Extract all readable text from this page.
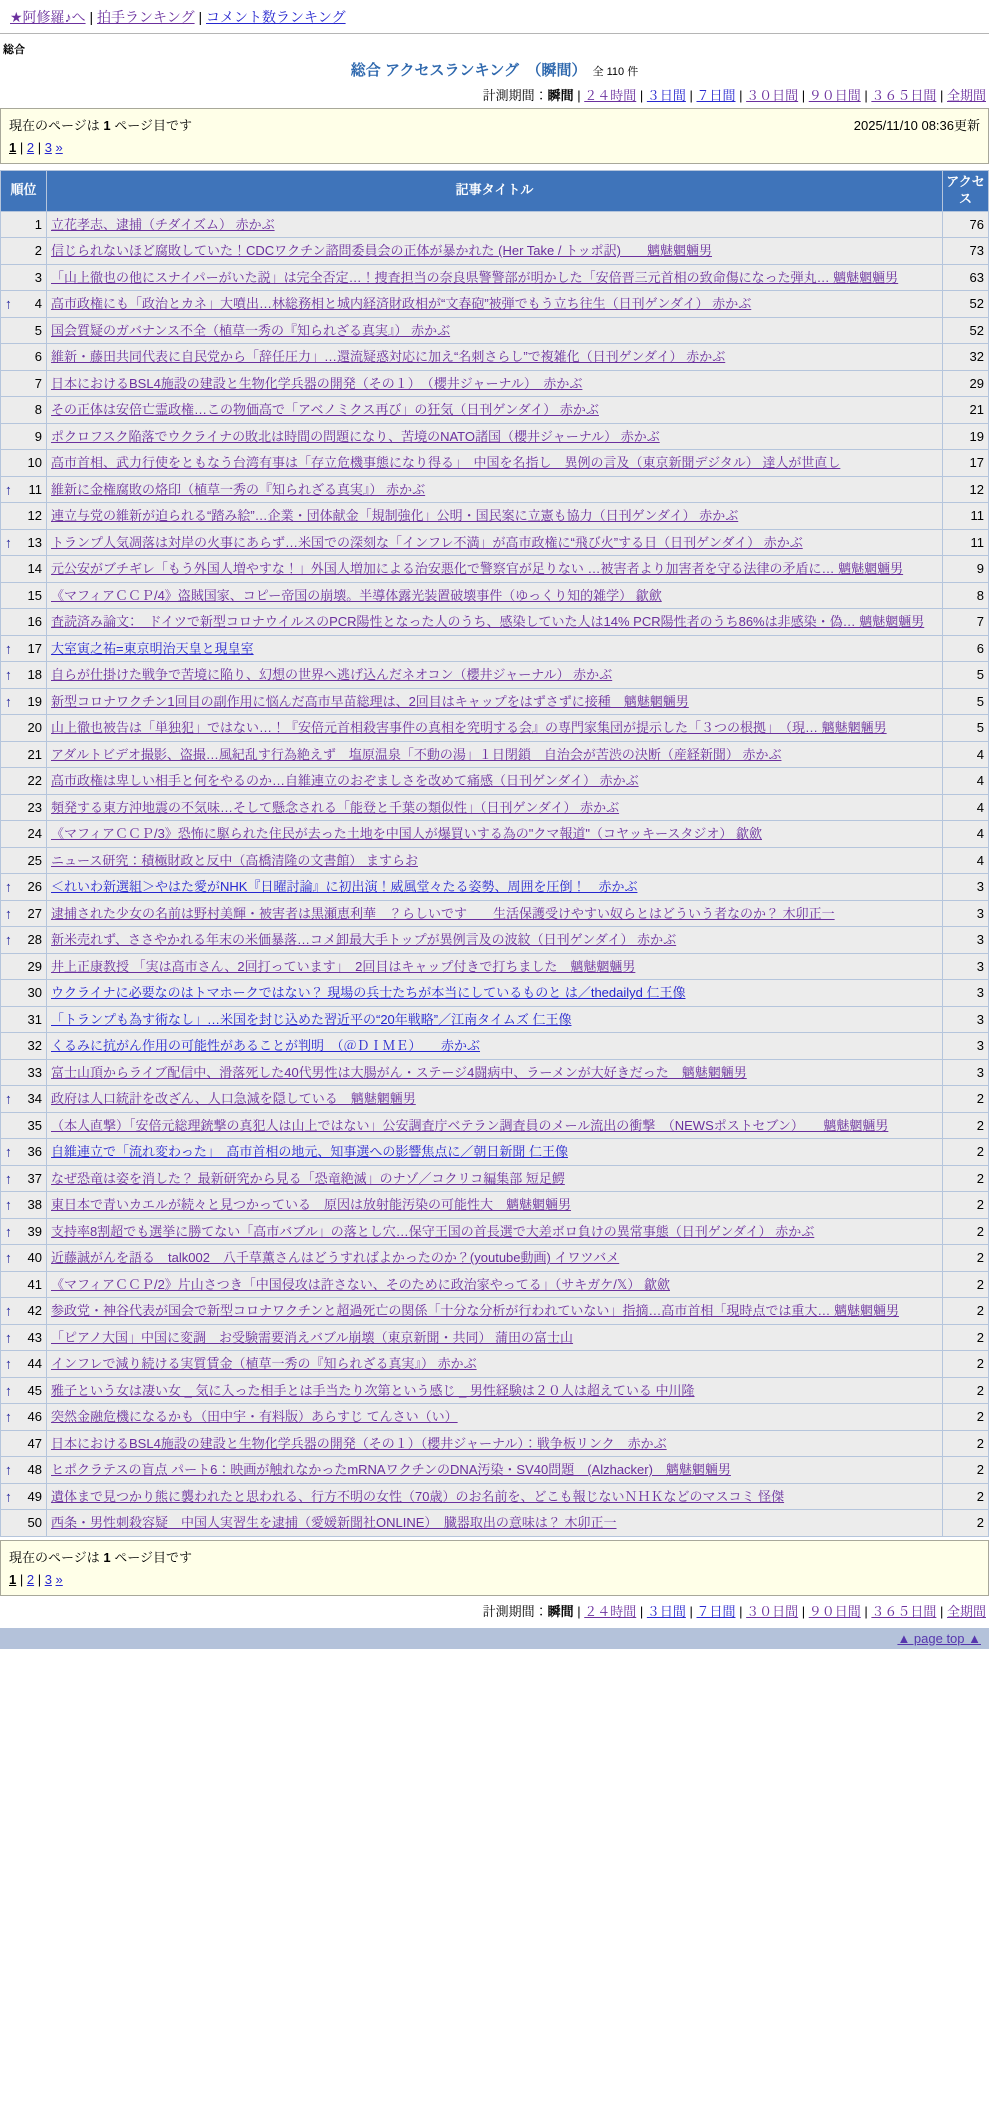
★阿修羅♪へ | 拍手ランキング | コメント数ランキング
総合
総合 アクセスランキング　（瞬間） 全 110 件
計測期間：瞬間 | ２４時間 | ３日間 | ７日間 | ３０日間 | ９０日間 | ３６５日間 | 全期間
現在のページは 1 ページ目です	2025/11/10 08:36更新
1 | 2 | 3 »
順位	記事タイトル	アクセス
1	立花孝志、逮捕（チダイズム） 赤かぶ	76
2	信じられないほど腐敗していた！CDCワクチン諮問委員会の正体が暴かれた (Her Take / トッポ訳)　　魑魅魍魎男	73
3	「山上徹也の他にスナイパーがいた説」は完全否定…！捜査担当の奈良県警警部が明かした「安倍晋三元首相の致命傷になった弾丸… 魑魅魍魎男	63

↑ 4	高市政権にも「政治とカネ」大噴出…林総務相と城内経済財政相が“文春砲”被弾でもう立ち往生（日刊ゲンダイ） 赤かぶ	52
5	国会質疑のガバナンス不全（植草一秀の『知られざる真実』） 赤かぶ	52
6	維新・藤田共同代表に自民党から「辞任圧力」…還流疑惑対応に加え“名刺さらし”で複雑化（日刊ゲンダイ） 赤かぶ	32
7	日本におけるBSL4施設の建設と生物化学兵器の開発（その１）　（櫻井ジャーナル）　赤かぶ	29
8	その正体は安倍亡霊政権…この物価高で「アベノミクス再び」の狂気（日刊ゲンダイ） 赤かぶ	21
9	ポクロフスク陥落でウクライナの敗北は時間の問題になり、苦境のNATO諸国（櫻井ジャーナル） 赤かぶ	19
10	高市首相、武力行使をともなう台湾有事は「存立危機事態になり得る」　中国を名指し　異例の言及（東京新聞デジタル） 達人が世直し	17

↑ 11	維新に金権腐敗の烙印（植草一秀の『知られざる真実』） 赤かぶ	12
12	連立与党の維新が迫られる“踏み絵”…企業・団体献金「規制強化」公明・国民案に立憲も協力（日刊ゲンダイ） 赤かぶ	11

↑ 13	トランプ人気凋落は対岸の火事にあらず…米国での深刻な「インフレ不満」が高市政権に“飛び火”する日（日刊ゲンダイ） 赤かぶ	11
14	元公安がブチギレ「もう外国人増やすな！」外国人増加による治安悪化で警察官が足りない …被害者より加害者を守る法律の矛盾に… 魑魅魍魎男	9
15	《マフィアＣＣＰ/4》盗賊国家、コピー帝国の崩壊。半導体露光装置破壊事件（ゆっくり知的雑学） 歙歛	8
16	査読済み論文：　ドイツで新型コロナウイルスのPCR陽性となった人のうち、感染していた人は14% PCR陽性者のうち86%は非感染・偽… 魑魅魍魎男	7

↑ 17	大室寅之祐=東京明治天皇と現皇室	6

↑ 18	自らが仕掛けた戦争で苦境に陥り、幻想の世界へ逃げ込んだネオコン（櫻井ジャーナル） 赤かぶ	5

↑ 19	新型コロナワクチン1回目の副作用に悩んだ高市早苗総理は、2回目はキャップをはずさずに接種　魑魅魍魎男	5
20	山上徹也被告は「単独犯」ではない…！『安倍元首相殺害事件の真相を究明する会』の専門家集団が提示した「３つの根拠」　（現… 魑魅魍魎男	5
21	アダルトビデオ撮影、盗撮…風紀乱す行為絶えず　塩原温泉「不動の湯」１日閉鎖　自治会が苦渋の決断（産経新聞） 赤かぶ	4
22	高市政権は卑しい相手と何をやるのか…自維連立のおぞましさを改めて痛感（日刊ゲンダイ） 赤かぶ	4
23	頻発する東方沖地震の不気味…そして懸念される「能登と千葉の類似性」（日刊ゲンダイ） 赤かぶ	4
24	《マフィアＣＣＰ/3》恐怖に駆られた住民が去った土地を中国人が爆買いする為の"クマ報道"（コヤッキースタジオ） 歙歛	4
25	ニュース研究：積極財政と反中（高橋清隆の文書館） ますらお	4

↑ 26	＜れいわ新選組＞やはた愛がNHK『日曜討論』に初出演！威風堂々たる姿勢、周囲を圧倒！　赤かぶ	3

↑ 27	逮捕された少女の名前は野村美輝・被害者は黒瀬恵利華　？らしいです　　生活保護受けやすい奴らとはどういう者なのか？ 木卯正一	3

↑ 28	新米売れず、ささやかれる年末の米価暴落…コメ卸最大手トップが異例言及の波紋（日刊ゲンダイ） 赤かぶ	3
29	井上正康教授 「実は高市さん、2回打っています」　2回目はキャップ付きで打ちました　魑魅魍魎男	3
30	ウクライナに必要なのはトマホークではない？ 現場の兵士たちが本当にしているものと は／thedailyd 仁王像	3
31	「トランプも為す術なし」…米国を封じ込めた習近平の“20年戦略”／江南タイムズ 仁王像	3
32	くるみに抗がん作用の可能性があることが判明　（＠ＤＩＭＥ）　　赤かぶ	3
33	富士山頂からライブ配信中、滑落死した40代男性は大腸がん・ステージ4闘病中、ラーメンが大好きだった　魑魅魍魎男	3

↑ 34	政府は人口統計を改ざん、人口急減を隠している　魑魅魍魎男	2
35	（本人直撃）「安倍元総理銃撃の真犯人は山上ではない」公安調査庁ベテラン調査員のメール流出の衝撃　（NEWSポストセブン）　　魑魅魍魎男	2

↑ 36	自維連立で「流れ変わった」　高市首相の地元、知事選への影響焦点に／朝日新聞 仁王像	2

↑ 37	なぜ恐竜は姿を消した？ 最新研究から見る「恐竜絶滅」のナゾ／コクリコ編集部 短足鰐	2

↑ 38	東日本で青いカエルが続々と見つかっている　原因は放射能汚染の可能性大　魑魅魍魎男	2

↑ 39	支持率8割超でも選挙に勝てない「高市バブル」の落とし穴…保守王国の首長選で大差ボロ負けの異常事態（日刊ゲンダイ） 赤かぶ	2

↑ 40	近藤誠がんを語る　talk002　八千草薫さんはどうすればよかったのか？(youtube動画) イワツバメ	2
41	《マフィアＣＣＰ/2》片山さつき「中国侵攻は許さない、そのために政治家やってる」（サキガケ/𝕏） 歙歛	2

↑ 42	参政党・神谷代表が国会で新型コロナワクチンと超過死亡の関係「十分な分析が行われていない」指摘…高市首相「現時点では重大… 魑魅魍魎男	2

↑ 43	「ピアノ大国」中国に変調　お受験需要消えバブル崩壊（東京新聞・共同） 蒲田の富士山	2

↑ 44	インフレで減り続ける実質賃金（植草一秀の『知られざる真実』） 赤かぶ	2

↑ 45	雅子という女は凄い女 _ 気に入った相手とは手当たり次第という感じ _ 男性経験は２０人は超えている 中川隆	2

↑ 46	突然金融危機になるかも（田中宇・有料版）あらすじ てんさい（い）	2
47	日本におけるBSL4施設の建設と生物化学兵器の開発（その１）（櫻井ジャーナル）：戦争板リンク　赤かぶ	2

↑ 48	ヒポクラテスの盲点 パート6：映画が触れなかったmRNAワクチンのDNA汚染・SV40問題　(Alzhacker)　魑魅魍魎男	2

↑ 49	遺体まで見つかり熊に襲われたと思われる、行方不明の女性（70歳）のお名前を、どこも報じないＮＨＫなどのマスコミ 怪傑	2
50	西条・男性刺殺容疑　中国人実習生を逮捕（愛媛新聞社ONLINE）　臓器取出の意味は？ 木卯正一	2
現在のページは 1 ページ目です
1 | 2 | 3 »
計測期間：瞬間 | ２４時間 | ３日間 | ７日間 | ３０日間 | ９０日間 | ３６５日間 | 全期間
▲ page top ▲
